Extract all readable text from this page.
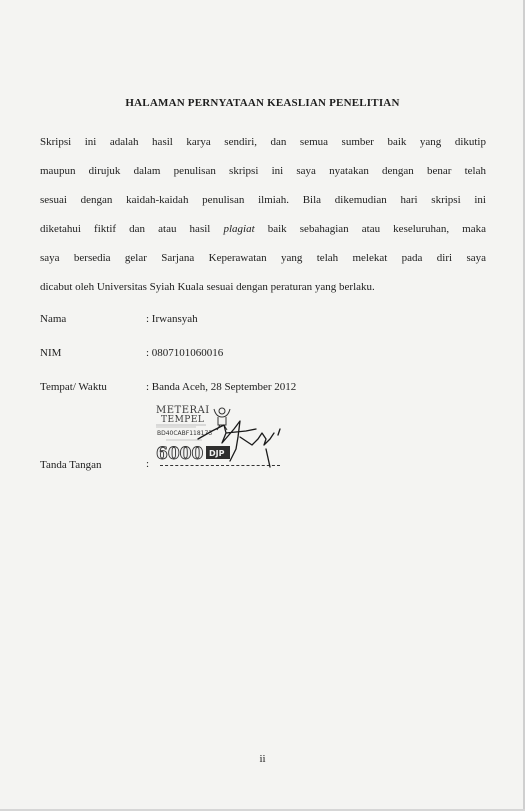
HALAMAN PERNYATAAN KEASLIAN PENELITIAN
Skripsi ini adalah hasil karya sendiri, dan semua sumber baik yang dikutip
maupun dirujuk dalam penulisan skripsi ini saya nyatakan dengan benar telah
sesuai dengan kaidah-kaidah penulisan ilmiah. Bila dikemudian hari skripsi ini
diketahui fiktif dan atau hasil plagiat baik sebahagian atau keseluruhan, maka
saya bersedia gelar Sarjana Keperawatan yang telah melekat pada diri saya
dicabut oleh Universitas Syiah Kuala sesuai dengan peraturan yang berlaku.
Nama	: Irwansyah
NIM	: 0807101060016
Tempat/ Waktu	: Banda Aceh, 28 September 2012
Tanda Tangan	:
METERAI
TEMPEL
BD40CABF118173
6000 DJP
ii
